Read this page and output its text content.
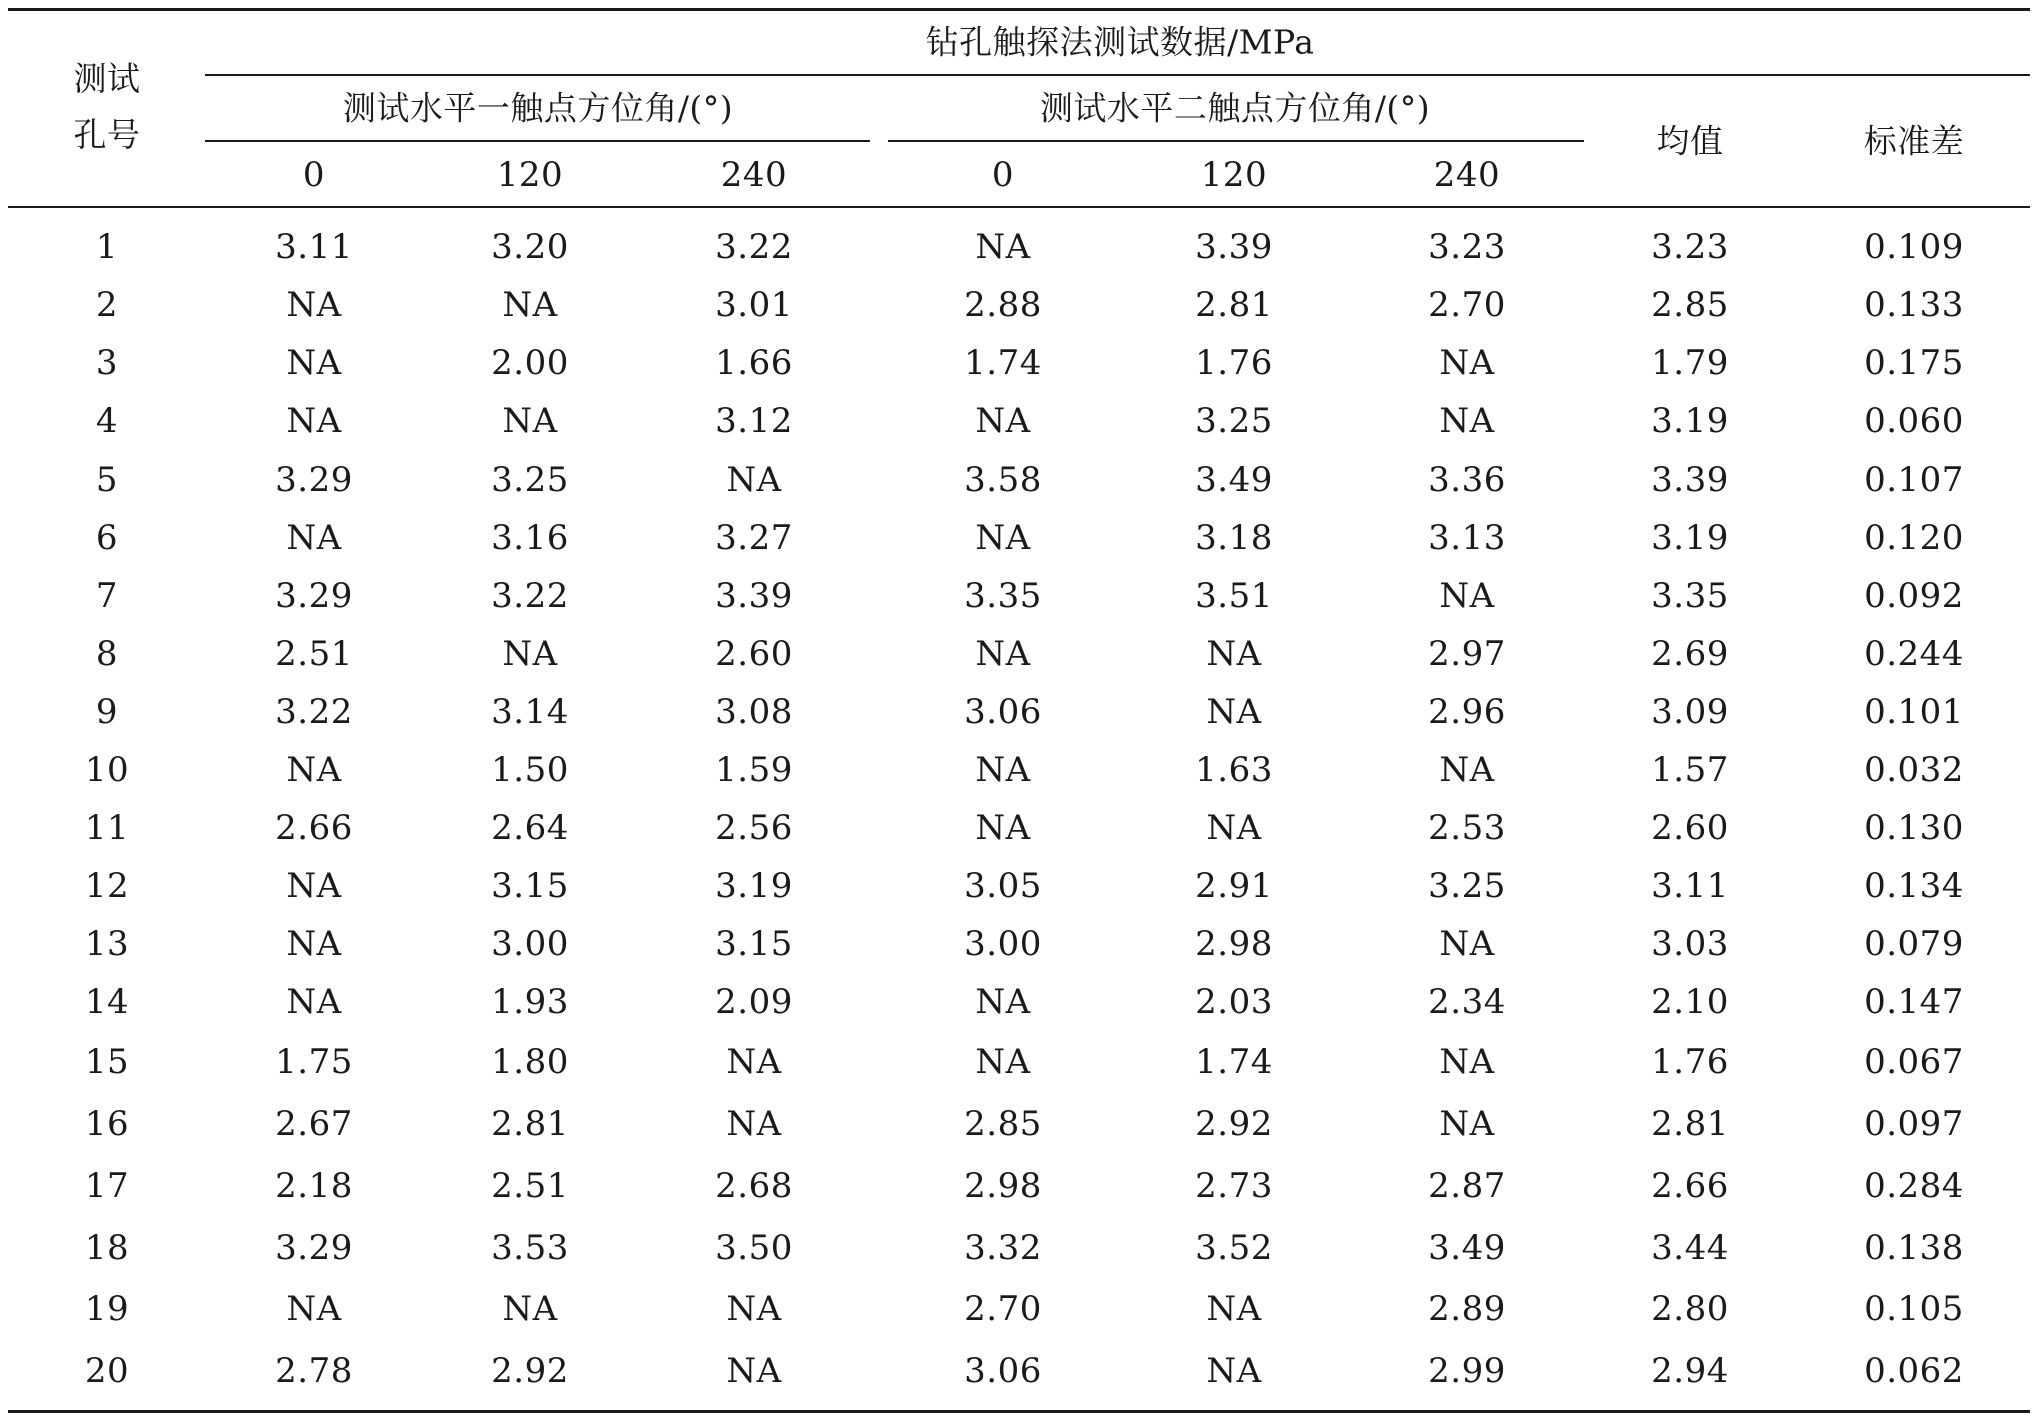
测试
孔号
钻孔触探法测试数据/MPa
测试水平一触点方位角/(°)	测试水平二触点方位角/(°)
均值	标准差
0	120	240	0	120	240
1	3.11	3.20	3.22	NA	3.39	3.23	3.23	0.109
2	NA	NA	3.01	2.88	2.81	2.70	2.85	0.133
3	NA	2.00	1.66	1.74	1.76	NA	1.79	0.175
4	NA	NA	3.12	NA	3.25	NA	3.19	0.060
5	3.29	3.25	NA	3.58	3.49	3.36	3.39	0.107
6	NA	3.16	3.27	NA	3.18	3.13	3.19	0.120
7	3.29	3.22	3.39	3.35	3.51	NA	3.35	0.092
8	2.51	NA	2.60	NA	NA	2.97	2.69	0.244
9	3.22	3.14	3.08	3.06	NA	2.96	3.09	0.101
10	NA	1.50	1.59	NA	1.63	NA	1.57	0.032
11	2.66	2.64	2.56	NA	NA	2.53	2.60	0.130
12	NA	3.15	3.19	3.05	2.91	3.25	3.11	0.134
13	NA	3.00	3.15	3.00	2.98	NA	3.03	0.079
14	NA	1.93	2.09	NA	2.03	2.34	2.10	0.147
15	1.75	1.80	NA	NA	1.74	NA	1.76	0.067
16	2.67	2.81	NA	2.85	2.92	NA	2.81	0.097
17	2.18	2.51	2.68	2.98	2.73	2.87	2.66	0.284
18	3.29	3.53	3.50	3.32	3.52	3.49	3.44	0.138
19	NA	NA	NA	2.70	NA	2.89	2.80	0.105
20	2.78	2.92	NA	3.06	NA	2.99	2.94	0.062
